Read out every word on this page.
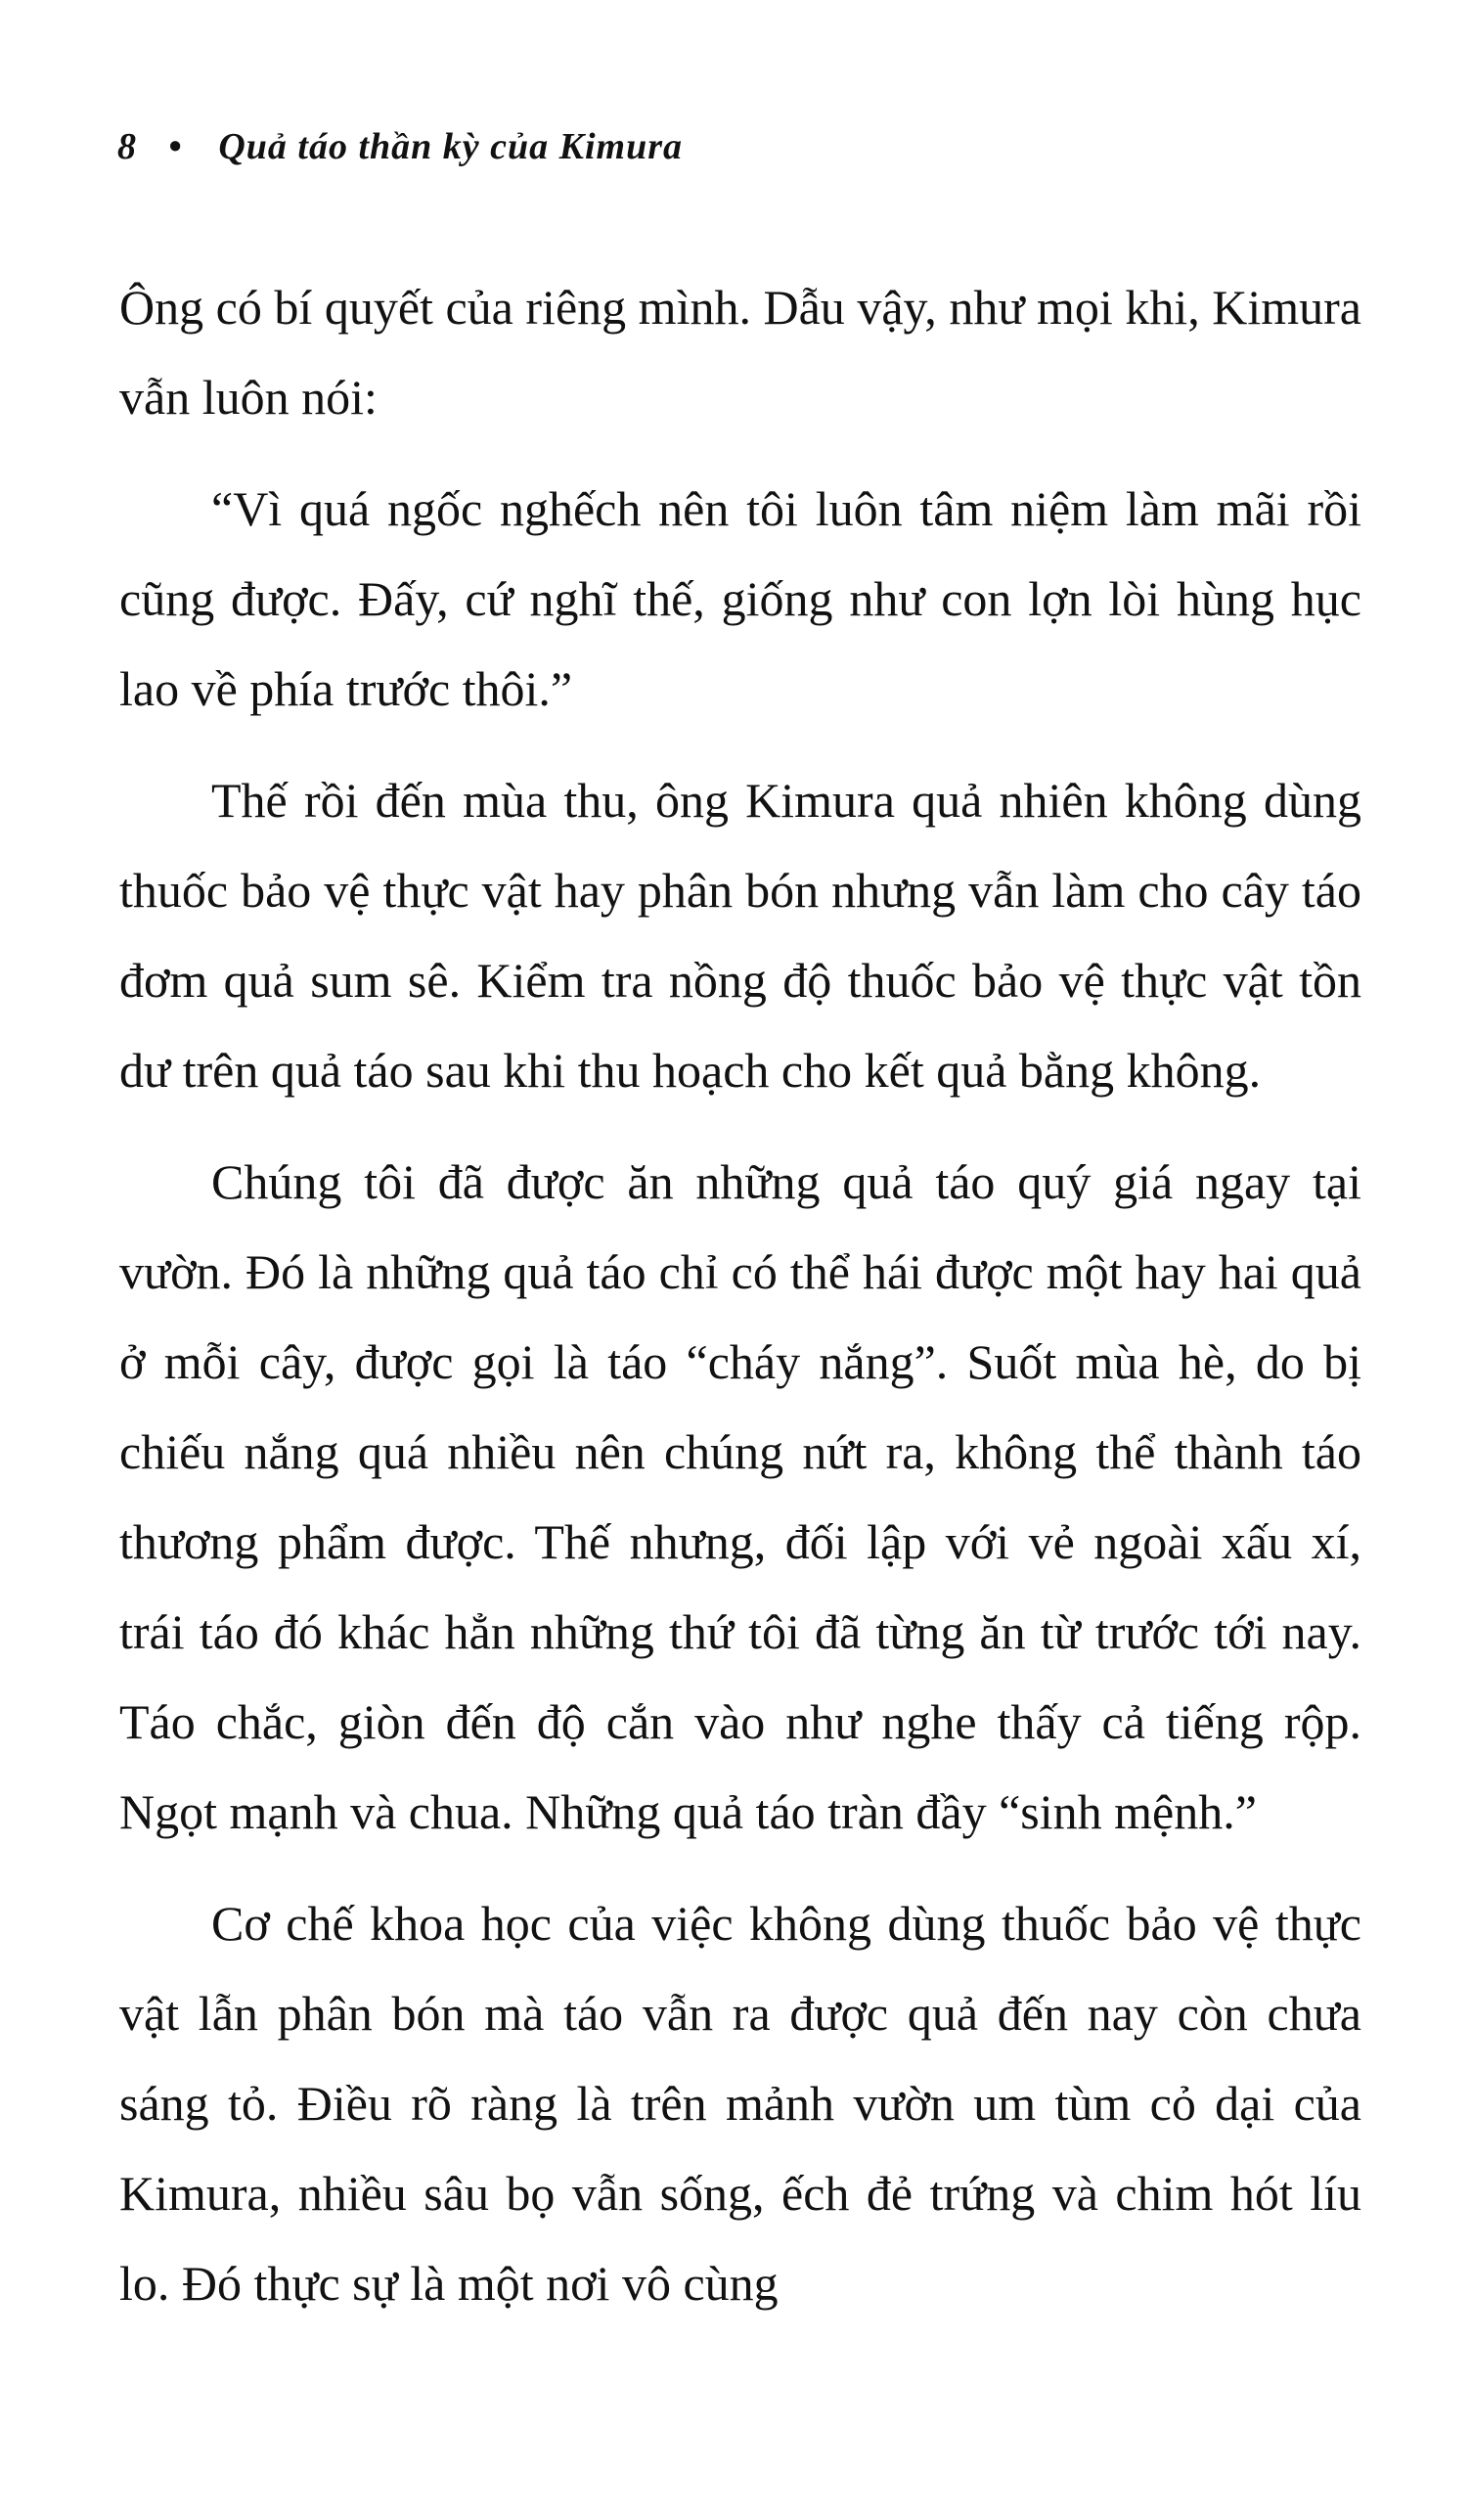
8 • Quả táo thần kỳ của Kimura

Ông có bí quyết của riêng mình. Dẫu vậy, như mọi khi, Kimura vẫn luôn nói:

“Vì quá ngốc nghếch nên tôi luôn tâm niệm làm mãi rồi cũng được. Đấy, cứ nghĩ thế, giống như con lợn lòi hùng hục lao về phía trước thôi.”

Thế rồi đến mùa thu, ông Kimura quả nhiên không dùng thuốc bảo vệ thực vật hay phân bón nhưng vẫn làm cho cây táo đơm quả sum sê. Kiểm tra nồng độ thuốc bảo vệ thực vật tồn dư trên quả táo sau khi thu hoạch cho kết quả bằng không.

Chúng tôi đã được ăn những quả táo quý giá ngay tại vườn. Đó là những quả táo chỉ có thể hái được một hay hai quả ở mỗi cây, được gọi là táo “cháy nắng”. Suốt mùa hè, do bị chiếu nắng quá nhiều nên chúng nứt ra, không thể thành táo thương phẩm được. Thế nhưng, đối lập với vẻ ngoài xấu xí, trái táo đó khác hẳn những thứ tôi đã từng ăn từ trước tới nay. Táo chắc, giòn đến độ cắn vào như nghe thấy cả tiếng rộp. Ngọt mạnh và chua. Những quả táo tràn đầy “sinh mệnh.”

Cơ chế khoa học của việc không dùng thuốc bảo vệ thực vật lẫn phân bón mà táo vẫn ra được quả đến nay còn chưa sáng tỏ. Điều rõ ràng là trên mảnh vườn um tùm cỏ dại của Kimura, nhiều sâu bọ vẫn sống, ếch đẻ trứng và chim hót líu lo. Đó thực sự là một nơi vô cùng
